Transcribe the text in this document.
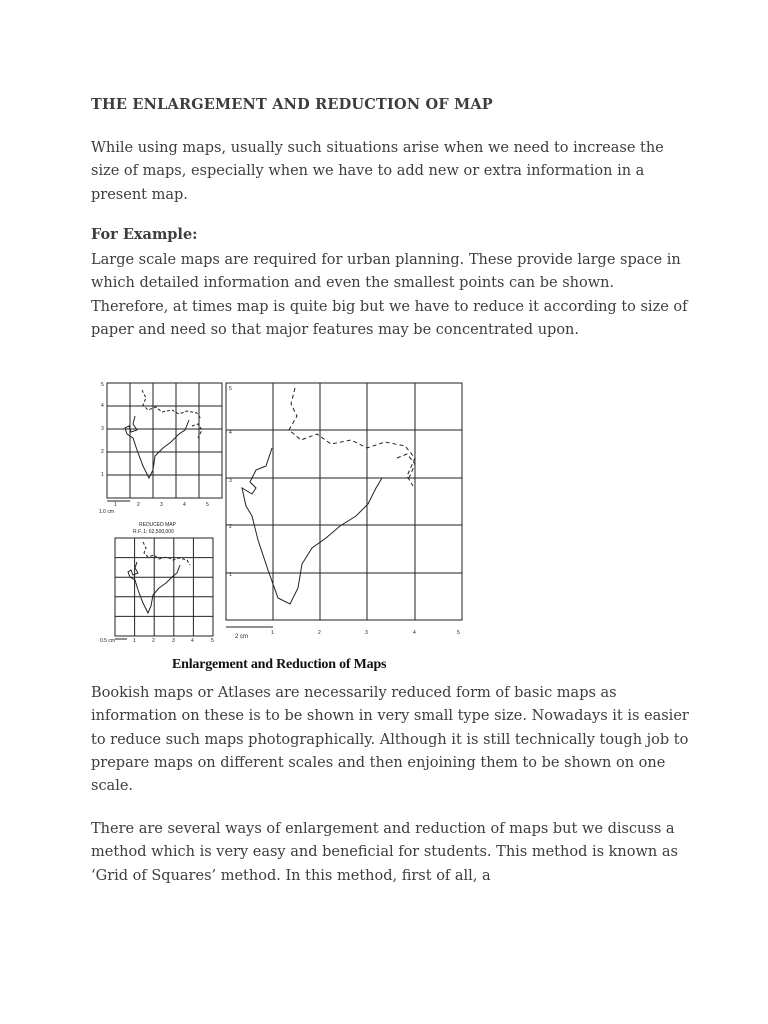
THE ENLARGEMENT AND REDUCTION OF MAP

While using maps, usually such situations arise when we need to increase the size of maps, especially when we have to add new or extra information in a present map.

For Example:

Large scale maps are required for urban planning. These provide large space in which detailed information and even the smallest points can be shown. Therefore, at times map is quite big but we have to reduce it according to size of paper and need so that major features may be concentrated upon.

1	2	3	4	5
1
2
3
4
5
1.0 cm
REDUCED MAP
R.F. 1: 62,500,000
0.5 cm	1	2	3	4	5
2 cm
1	2	3	4	5
1
2
3
4
5
Enlargement and Reduction of Maps

Bookish maps or Atlases are necessarily reduced form of basic maps as information on these is to be shown in very small type size. Nowadays it is easier to reduce such maps photographically. Although it is still technically tough job to prepare maps on different scales and then enjoining them to be shown on one scale.

There are several ways of enlargement and reduction of maps but we discuss a method which is very easy and beneficial for students. This method is known as ‘Grid of Squares’ method. In this method, first of all, a
